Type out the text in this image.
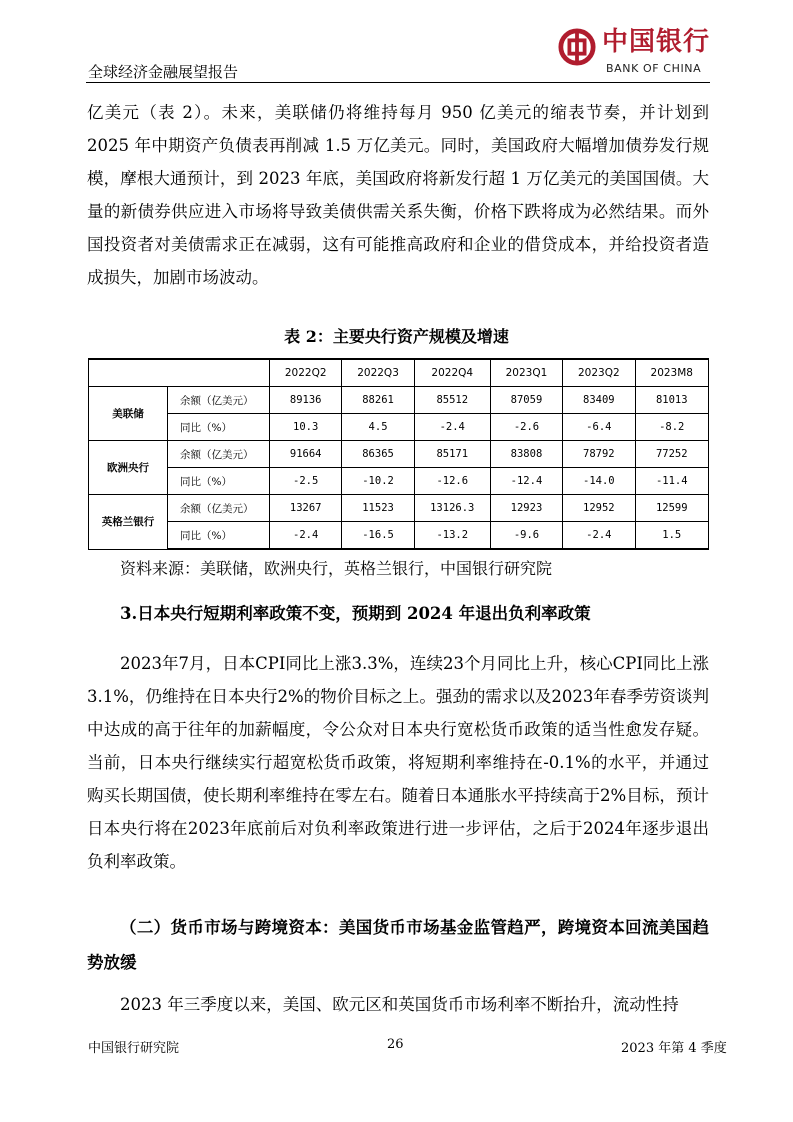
全球经济金融展望报告
中国银行
BANK OF CHINA

亿美元（表 2）。未来，美联储仍将维持每月 950 亿美元的缩表节奏，并计划到 2025 年中期资产负债表再削减 1.5 万亿美元。同时，美国政府大幅增加债券发行规模，摩根大通预计，到 2023 年底，美国政府将新发行超 1 万亿美元的美国国债。大量的新债券供应进入市场将导致美债供需关系失衡，价格下跌将成为必然结果。而外国投资者对美债需求正在减弱，这有可能推高政府和企业的借贷成本，并给投资者造成损失，加剧市场波动。

表 2：主要央行资产规模及增速
		2022Q2	2022Q3	2022Q4	2023Q1	2023Q2	2023M8
美联储	余额（亿美元）	89136	88261	85512	87059	83409	81013
	同比（%）	10.3	4.5	-2.4	-2.6	-6.4	-8.2
欧洲央行	余额（亿美元）	91664	86365	85171	83808	78792	77252
	同比（%）	-2.5	-10.2	-12.6	-12.4	-14.0	-11.4
英格兰银行	余额（亿美元）	13267	11523	13126.3	12923	12952	12599
	同比（%）	-2.4	-16.5	-13.2	-9.6	-2.4	1.5
资料来源：美联储，欧洲央行，英格兰银行，中国银行研究院
3.日本央行短期利率政策不变，预期到 2024 年退出负利率政策

2023年7月，日本CPI同比上涨3.3%，连续23个月同比上升，核心CPI同比上涨3.1%，仍维持在日本央行2%的物价目标之上。强劲的需求以及2023年春季劳资谈判中达成的高于往年的加薪幅度，令公众对日本央行宽松货币政策的适当性愈发存疑。当前，日本央行继续实行超宽松货币政策，将短期利率维持在-0.1%的水平，并通过购买长期国债，使长期利率维持在零左右。随着日本通胀水平持续高于2%目标，预计日本央行将在2023年底前后对负利率政策进行进一步评估，之后于2024年逐步退出负利率政策。

（二）货币市场与跨境资本：美国货币市场基金监管趋严，跨境资本回流美国趋势放缓

2023 年三季度以来，美国、欧元区和英国货币市场利率不断抬升，流动性持

中国银行研究院	26	2023 年第 4 季度
